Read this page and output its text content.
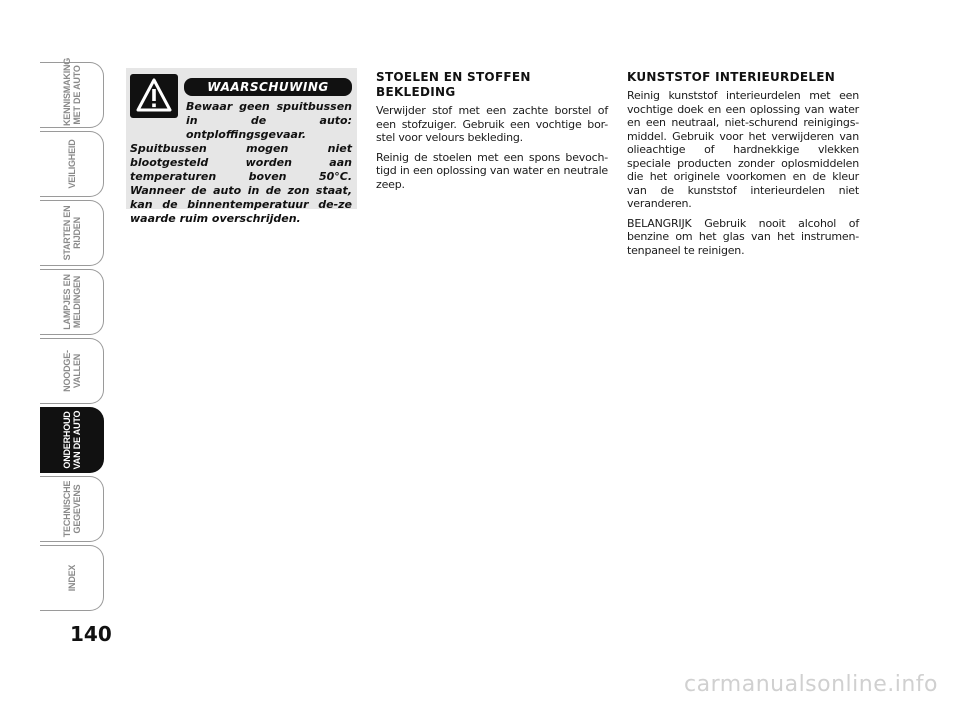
KENNISMAKING
MET DE AUTO
VEILIGHEID
STARTEN EN
RIJDEN
LAMPJES EN
MELDINGEN
NOODGE-
VALLEN
ONDERHOUD
VAN DE AUTO
TECHNISCHE
GEGEVENS
INDEX
140
WAARSCHUWING
Bewaar geen spuitbussen in de auto: ontploffingsgevaar.
Spuitbussen mogen niet blootgesteld worden aan temperaturen boven 50°C. Wanneer de auto in de zon staat, kan de binnentemperatuur de-ze waarde ruim overschrijden.
STOELEN EN STOFFEN BEKLEDING

Verwijder stof met een zachte borstel of een stofzuiger. Gebruik een vochtige bor-stel voor velours bekleding.

Reinig de stoelen met een spons bevoch-tigd in een oplossing van water en neutrale zeep.

KUNSTSTOF INTERIEURDELEN

Reinig kunststof interieurdelen met een vochtige doek en een oplossing van water en een neutraal, niet-schurend reinigings-middel. Gebruik voor het verwijderen van olieachtige of hardnekkige vlekken speciale producten zonder oplosmiddelen die het originele voorkomen en de kleur van de kunststof interieurdelen niet veranderen.

BELANGRIJK Gebruik nooit alcohol of benzine om het glas van het instrumen-tenpaneel te reinigen.

carmanualsonline.info
